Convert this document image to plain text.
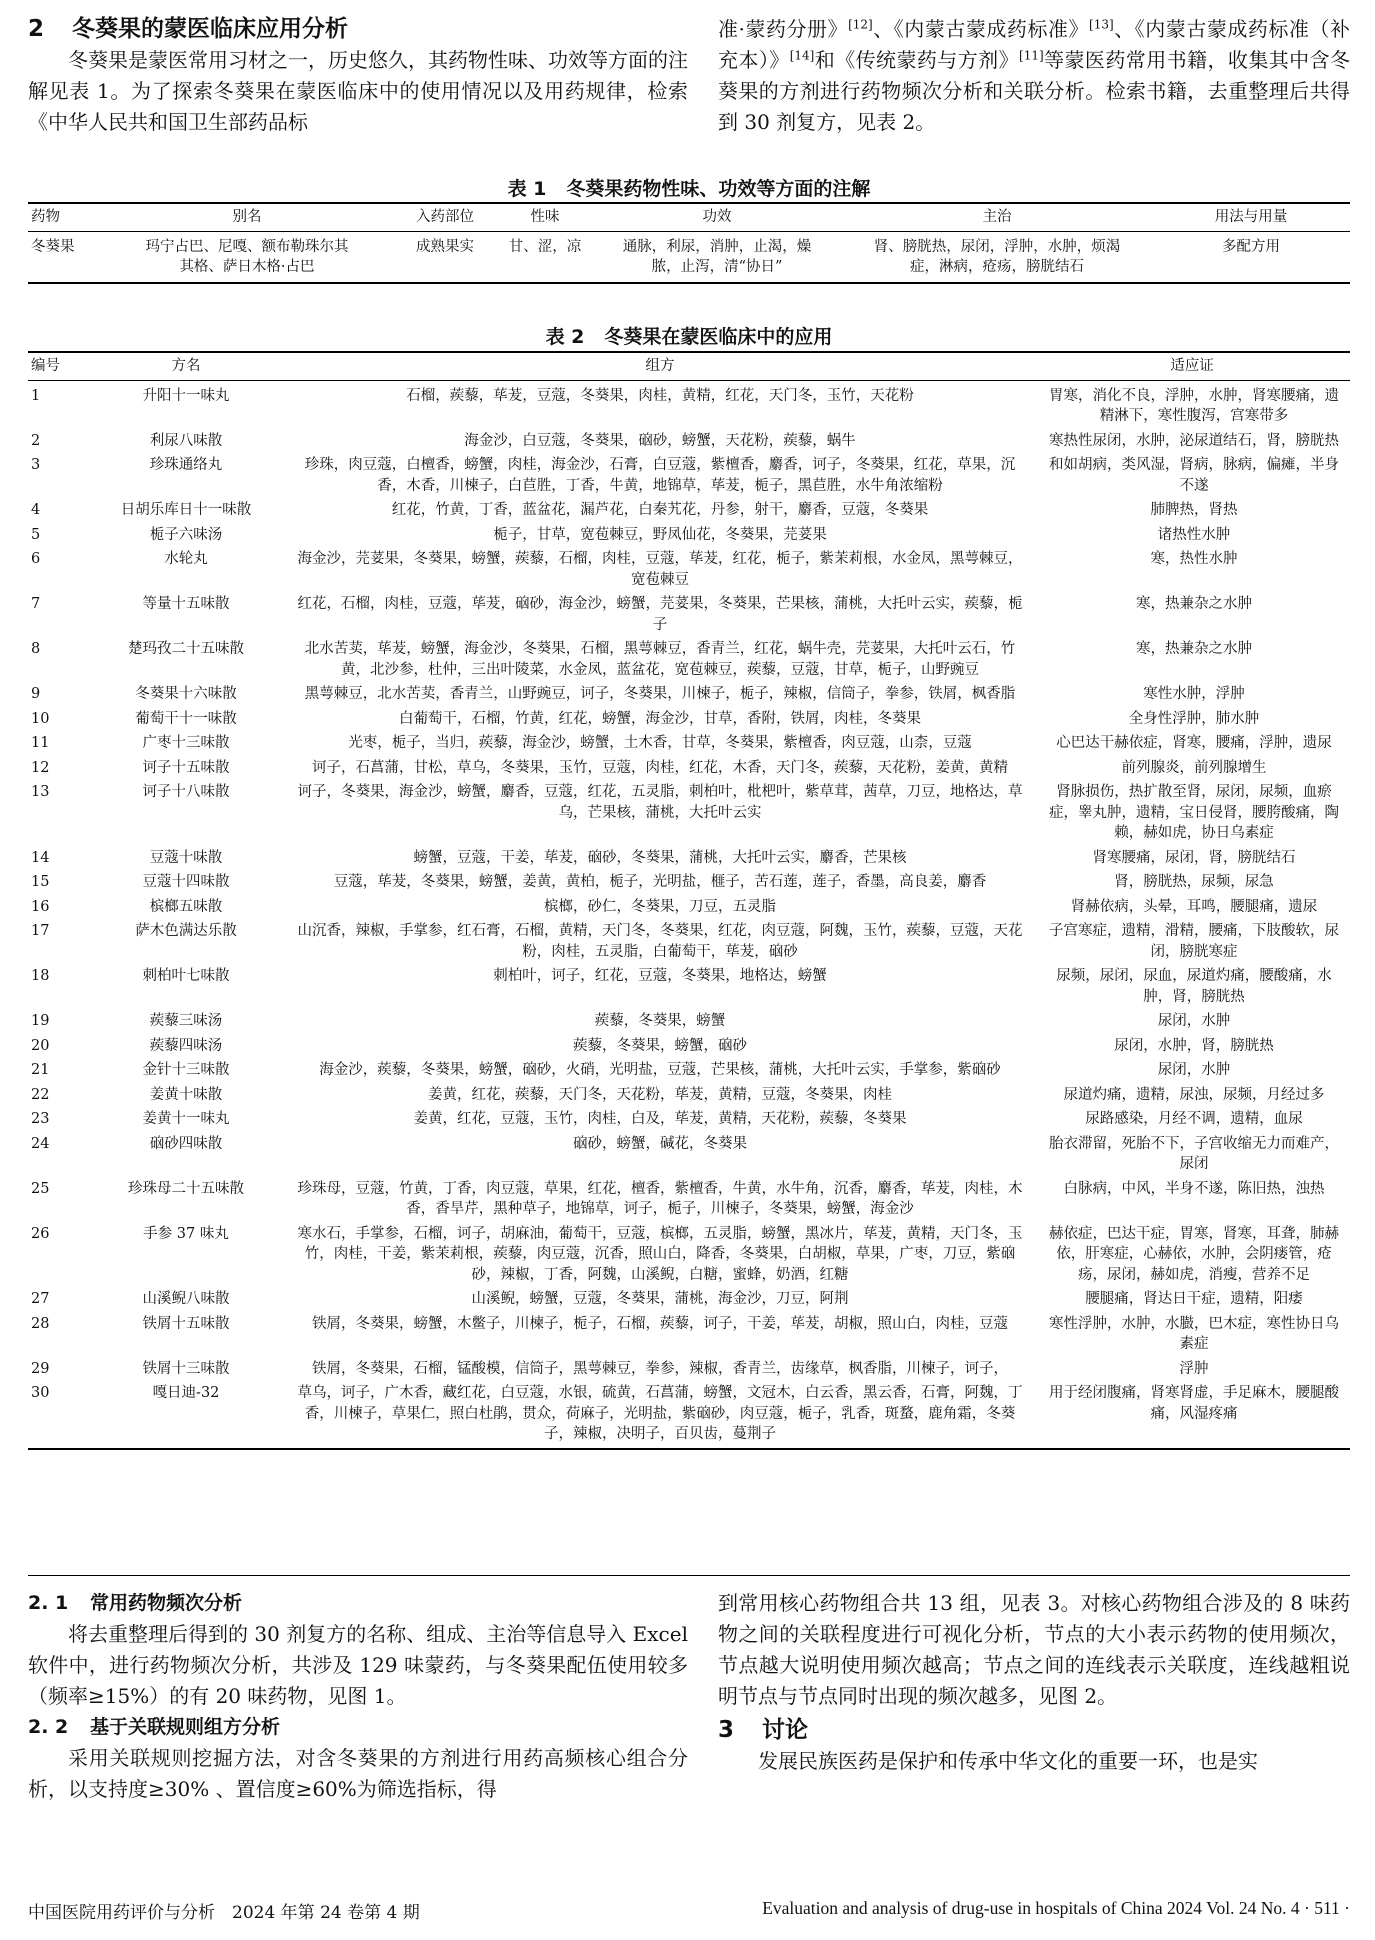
2 冬葵果的蒙医临床应用分析

冬葵果是蒙医常用习材之一，历史悠久，其药物性味、功效等方面的注解见表 1。为了探索冬葵果在蒙医临床中的使用情况以及用药规律，检索《中华人民共和国卫生部药品标

准·蒙药分册》[12]、《内蒙古蒙成药标准》[13]、《内蒙古蒙成药标准（补充本）》[14]和《传统蒙药与方剂》[11]等蒙医药常用书籍，收集其中含冬葵果的方剂进行药物频次分析和关联分析。检索书籍，去重整理后共得到 30 剂复方，见表 2。

表 1 冬葵果药物性味、功效等方面的注解
药物	别名	入药部位	性味	功效	主治	用法与用量
冬葵果	玛宁占巴、尼嘎、额布勒珠尔其其格、萨日木格·占巴	成熟果实	甘、涩，凉	通脉，利尿，消肿，止渴，燥脓，止泻，清“协日”	肾、膀胱热，尿闭，浮肿，水肿，烦渴症，淋病，疮疡，膀胱结石	多配方用
表 2 冬葵果在蒙医临床中的应用
编号	方名	组方	适应证
1	升阳十一味丸	石榴，蒺藜，荜茇，豆蔻，冬葵果，肉桂，黄精，红花，天门冬，玉竹，天花粉	胃寒，消化不良，浮肿，水肿，肾寒腰痛，遗精淋下，寒性腹泻，宫寒带多
2	利尿八味散	海金沙，白豆蔻，冬葵果，硇砂，螃蟹，天花粉，蒺藜，蜗牛	寒热性尿闭，水肿，泌尿道结石，肾，膀胱热
3	珍珠通络丸	珍珠，肉豆蔻，白檀香，螃蟹，肉桂，海金沙，石膏，白豆蔻，紫檀香，麝香，诃子，冬葵果，红花，草果，沉香，木香，川楝子，白苣胜，丁香，牛黄，地锦草，荜茇，栀子，黑苣胜，水牛角浓缩粉	和如胡病，类风湿，肾病，脉病，偏瘫，半身不遂
4	日胡乐库日十一味散	红花，竹黄，丁香，蓝盆花，漏芦花，白秦艽花，丹参，射干，麝香，豆蔻，冬葵果	肺脾热，肾热
5	栀子六味汤	栀子，甘草，宽苞棘豆，野凤仙花，冬葵果，芫荽果	诸热性水肿
6	水轮丸	海金沙，芫荽果，冬葵果，螃蟹，蒺藜，石榴，肉桂，豆蔻，荜茇，红花，栀子，紫茉莉根，水金凤，黑萼棘豆，宽苞棘豆	寒，热性水肿
7	等量十五味散	红花，石榴，肉桂，豆蔻，荜茇，硇砂，海金沙，螃蟹，芫荽果，冬葵果，芒果核，蒲桃，大托叶云实，蒺藜，栀子	寒，热兼杂之水肿
8	楚玛孜二十五味散	北水苦荬，荜茇，螃蟹，海金沙，冬葵果，石榴，黑萼棘豆，香青兰，红花，蜗牛壳，芫荽果，大托叶云石，竹黄，北沙参，杜仲，三出叶陵菜，水金凤，蓝盆花，宽苞棘豆，蒺藜，豆蔻，甘草，栀子，山野豌豆	寒，热兼杂之水肿
9	冬葵果十六味散	黑萼棘豆，北水苦荬，香青兰，山野豌豆，诃子，冬葵果，川楝子，栀子，辣椒，信筒子，拳参，铁屑，枫香脂	寒性水肿，浮肿
10	葡萄干十一味散	白葡萄干，石榴，竹黄，红花，螃蟹，海金沙，甘草，香附，铁屑，肉桂，冬葵果	全身性浮肿，肺水肿
11	广枣十三味散	光枣，栀子，当归，蒺藜，海金沙，螃蟹，土木香，甘草，冬葵果，紫檀香，肉豆蔻，山柰，豆蔻	心巴达干赫依症，肾寒，腰痛，浮肿，遗尿
12	诃子十五味散	诃子，石菖蒲，甘松，草乌，冬葵果，玉竹，豆蔻，肉桂，红花，木香，天门冬，蒺藜，天花粉，姜黄，黄精	前列腺炎，前列腺增生
13	诃子十八味散	诃子，冬葵果，海金沙，螃蟹，麝香，豆蔻，红花，五灵脂，刺柏叶，枇杷叶，紫草茸，茜草，刀豆，地格达，草乌，芒果核，蒲桃，大托叶云实	肾脉损伤，热扩散至肾，尿闭，尿频，血瘀症，睾丸肿，遗精，宝日侵肾，腰胯酸痛，陶赖，赫如虎，协日乌素症
14	豆蔻十味散	螃蟹，豆蔻，干姜，荜茇，硇砂，冬葵果，蒲桃，大托叶云实，麝香，芒果核	肾寒腰痛，尿闭，肾，膀胱结石
15	豆蔻十四味散	豆蔻，荜茇，冬葵果，螃蟹，姜黄，黄柏，栀子，光明盐，榧子，苦石莲，莲子，香墨，高良姜，麝香	肾，膀胱热，尿频，尿急
16	槟榔五味散	槟榔，砂仁，冬葵果，刀豆，五灵脂	肾赫依病，头晕，耳鸣，腰腿痛，遗尿
17	萨木色满达乐散	山沉香，辣椒，手掌参，红石膏，石榴，黄精，天门冬，冬葵果，红花，肉豆蔻，阿魏，玉竹，蒺藜，豆蔻，天花粉，肉桂，五灵脂，白葡萄干，荜茇，硇砂	子宫寒症，遗精，滑精，腰痛，下肢酸软，尿闭，膀胱寒症
18	刺柏叶七味散	刺柏叶，诃子，红花，豆蔻，冬葵果，地格达，螃蟹	尿频，尿闭，尿血，尿道灼痛，腰酸痛，水肿，肾，膀胱热
19	蒺藜三味汤	蒺藜，冬葵果，螃蟹	尿闭，水肿
20	蒺藜四味汤	蒺藜，冬葵果，螃蟹，硇砂	尿闭，水肿，肾，膀胱热
21	金针十三味散	海金沙，蒺藜，冬葵果，螃蟹，硇砂，火硝，光明盐，豆蔻，芒果核，蒲桃，大托叶云实，手掌参，紫硇砂	尿闭，水肿
22	姜黄十味散	姜黄，红花，蒺藜，天门冬，天花粉，荜茇，黄精，豆蔻，冬葵果，肉桂	尿道灼痛，遗精，尿浊，尿频，月经过多
23	姜黄十一味丸	姜黄，红花，豆蔻，玉竹，肉桂，白及，荜茇，黄精，天花粉，蒺藜，冬葵果	尿路感染，月经不调，遗精，血尿
24	硇砂四味散	硇砂，螃蟹，碱花，冬葵果	胎衣滞留，死胎不下，子宫收缩无力而难产，尿闭
25	珍珠母二十五味散	珍珠母，豆蔻，竹黄，丁香，肉豆蔻，草果，红花，檀香，紫檀香，牛黄，水牛角，沉香，麝香，荜茇，肉桂，木香，香旱芹，黑种草子，地锦草，诃子，栀子，川楝子，冬葵果，螃蟹，海金沙	白脉病，中风，半身不遂，陈旧热，浊热
26	手参 37 味丸	寒水石，手掌参，石榴，诃子，胡麻油，葡萄干，豆蔻，槟榔，五灵脂，螃蟹，黑冰片，荜茇，黄精，天门冬，玉竹，肉桂，干姜，紫茉莉根，蒺藜，肉豆蔻，沉香，照山白，降香，冬葵果，白胡椒，草果，广枣，刀豆，紫硇砂，辣椒，丁香，阿魏，山溪鲵，白糖，蜜蜂，奶酒，红糖	赫依症，巴达干症，胃寒，肾寒，耳聋，肺赫依，肝寒症，心赫依，水肿，会阴瘘管，疮疡，尿闭，赫如虎，消瘦，营养不足
27	山溪鲵八味散	山溪鲵，螃蟹，豆蔻，冬葵果，蒲桃，海金沙，刀豆，阿荆	腰腿痛，肾达日干症，遗精，阳痿
28	铁屑十五味散	铁屑，冬葵果，螃蟹，木鳖子，川楝子，栀子，石榴，蒺藜，诃子，干姜，荜茇，胡椒，照山白，肉桂，豆蔻	寒性浮肿，水肿，水臌，巴木症，寒性协日乌素症
29	铁屑十三味散	铁屑，冬葵果，石榴，锰酸模，信筒子，黑萼棘豆，拳参，辣椒，香青兰，齿缘草，枫香脂，川楝子，诃子，	浮肿
30	嘎日迪-32	草乌，诃子，广木香，藏红花，白豆蔻，水银，硫黄，石菖蒲，螃蟹，文冠木，白云香，黑云香，石膏，阿魏，丁香，川楝子，草果仁，照白杜鹃，贯众，荷麻子，光明盐，紫硇砂，肉豆蔻，栀子，乳香，斑蝥，鹿角霜，冬葵子，辣椒，决明子，百贝齿，蔓荆子	用于经闭腹痛，肾寒肾虚，手足麻木，腰腿酸痛，风湿疼痛
2. 1 常用药物频次分析

将去重整理后得到的 30 剂复方的名称、组成、主治等信息导入 Excel 软件中，进行药物频次分析，共涉及 129 味蒙药，与冬葵果配伍使用较多（频率≥15%）的有 20 味药物，见图 1。

2. 2 基于关联规则组方分析

采用关联规则挖掘方法，对含冬葵果的方剂进行用药高频核心组合分析，以支持度≥30% 、置信度≥60%为筛选指标，得

到常用核心药物组合共 13 组，见表 3。对核心药物组合涉及的 8 味药物之间的关联程度进行可视化分析，节点的大小表示药物的使用频次，节点越大说明使用频次越高；节点之间的连线表示关联度，连线越粗说明节点与节点同时出现的频次越多，见图 2。

3 讨论

发展民族医药是保护和传承中华文化的重要一环，也是实

中国医院用药评价与分析　2024 年第 24 卷第 4 期	Evaluation and analysis of drug-use in hospitals of China 2024 Vol. 24 No. 4 · 511 ·
